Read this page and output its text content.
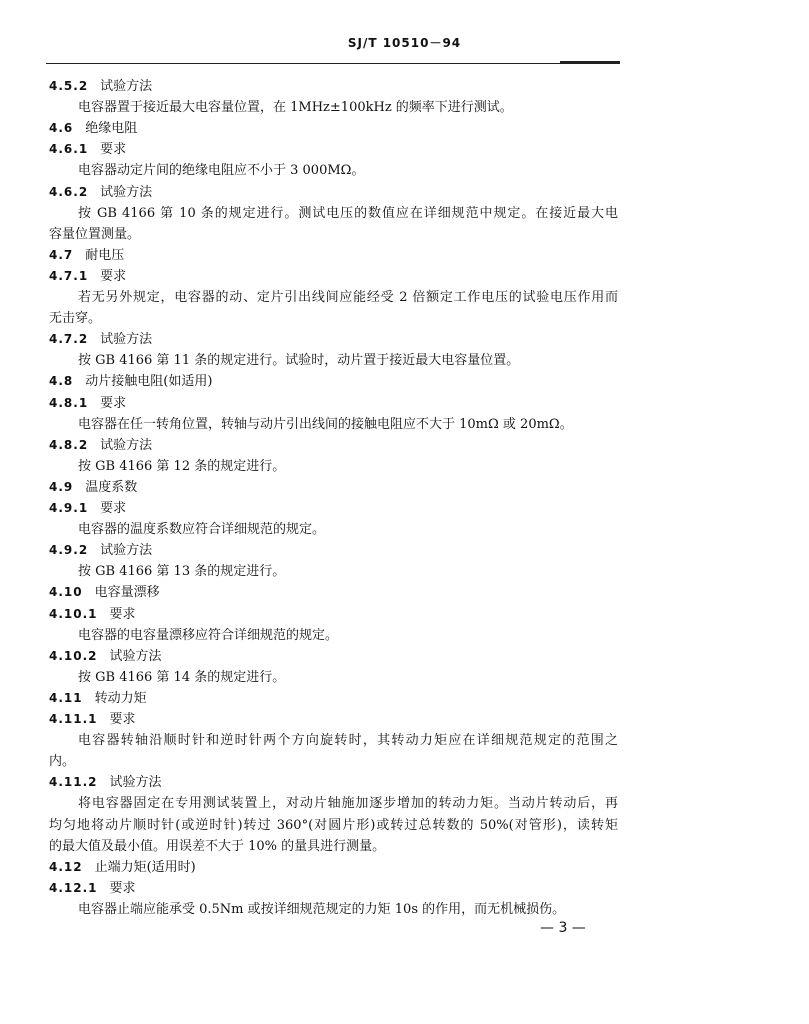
SJ/T 10510－94
4.5.2 试验方法
电容器置于接近最大电容量位置，在 1MHz±100kHz 的频率下进行测试。
4.6 绝缘电阻
4.6.1 要求
电容器动定片间的绝缘电阻应不小于 3 000MΩ。
4.6.2 试验方法
按 GB 4166 第 10 条的规定进行。测试电压的数值应在详细规范中规定。在接近最大电
容量位置测量。
4.7 耐电压
4.7.1 要求
若无另外规定，电容器的动、定片引出线间应能经受 2 倍额定工作电压的试验电压作用而
无击穿。
4.7.2 试验方法
按 GB 4166 第 11 条的规定进行。试验时，动片置于接近最大电容量位置。
4.8 动片接触电阻(如适用)
4.8.1 要求
电容器在任一转角位置，转轴与动片引出线间的接触电阻应不大于 10mΩ 或 20mΩ。
4.8.2 试验方法
按 GB 4166 第 12 条的规定进行。
4.9 温度系数
4.9.1 要求
电容器的温度系数应符合详细规范的规定。
4.9.2 试验方法
按 GB 4166 第 13 条的规定进行。
4.10 电容量漂移
4.10.1 要求
电容器的电容量漂移应符合详细规范的规定。
4.10.2 试验方法
按 GB 4166 第 14 条的规定进行。
4.11 转动力矩
4.11.1 要求
电容器转轴沿顺时针和逆时针两个方向旋转时，其转动力矩应在详细规范规定的范围之
内。
4.11.2 试验方法
将电容器固定在专用测试装置上，对动片轴施加逐步增加的转动力矩。当动片转动后，再
均匀地将动片顺时针(或逆时针)转过 360°(对圆片形)或转过总转数的 50%(对管形)，读转矩
的最大值及最小值。用误差不大于 10% 的量具进行测量。
4.12 止端力矩(适用时)
4.12.1 要求
电容器止端应能承受 0.5Nm 或按详细规范规定的力矩 10s 的作用，而无机械损伤。
— 3 —
